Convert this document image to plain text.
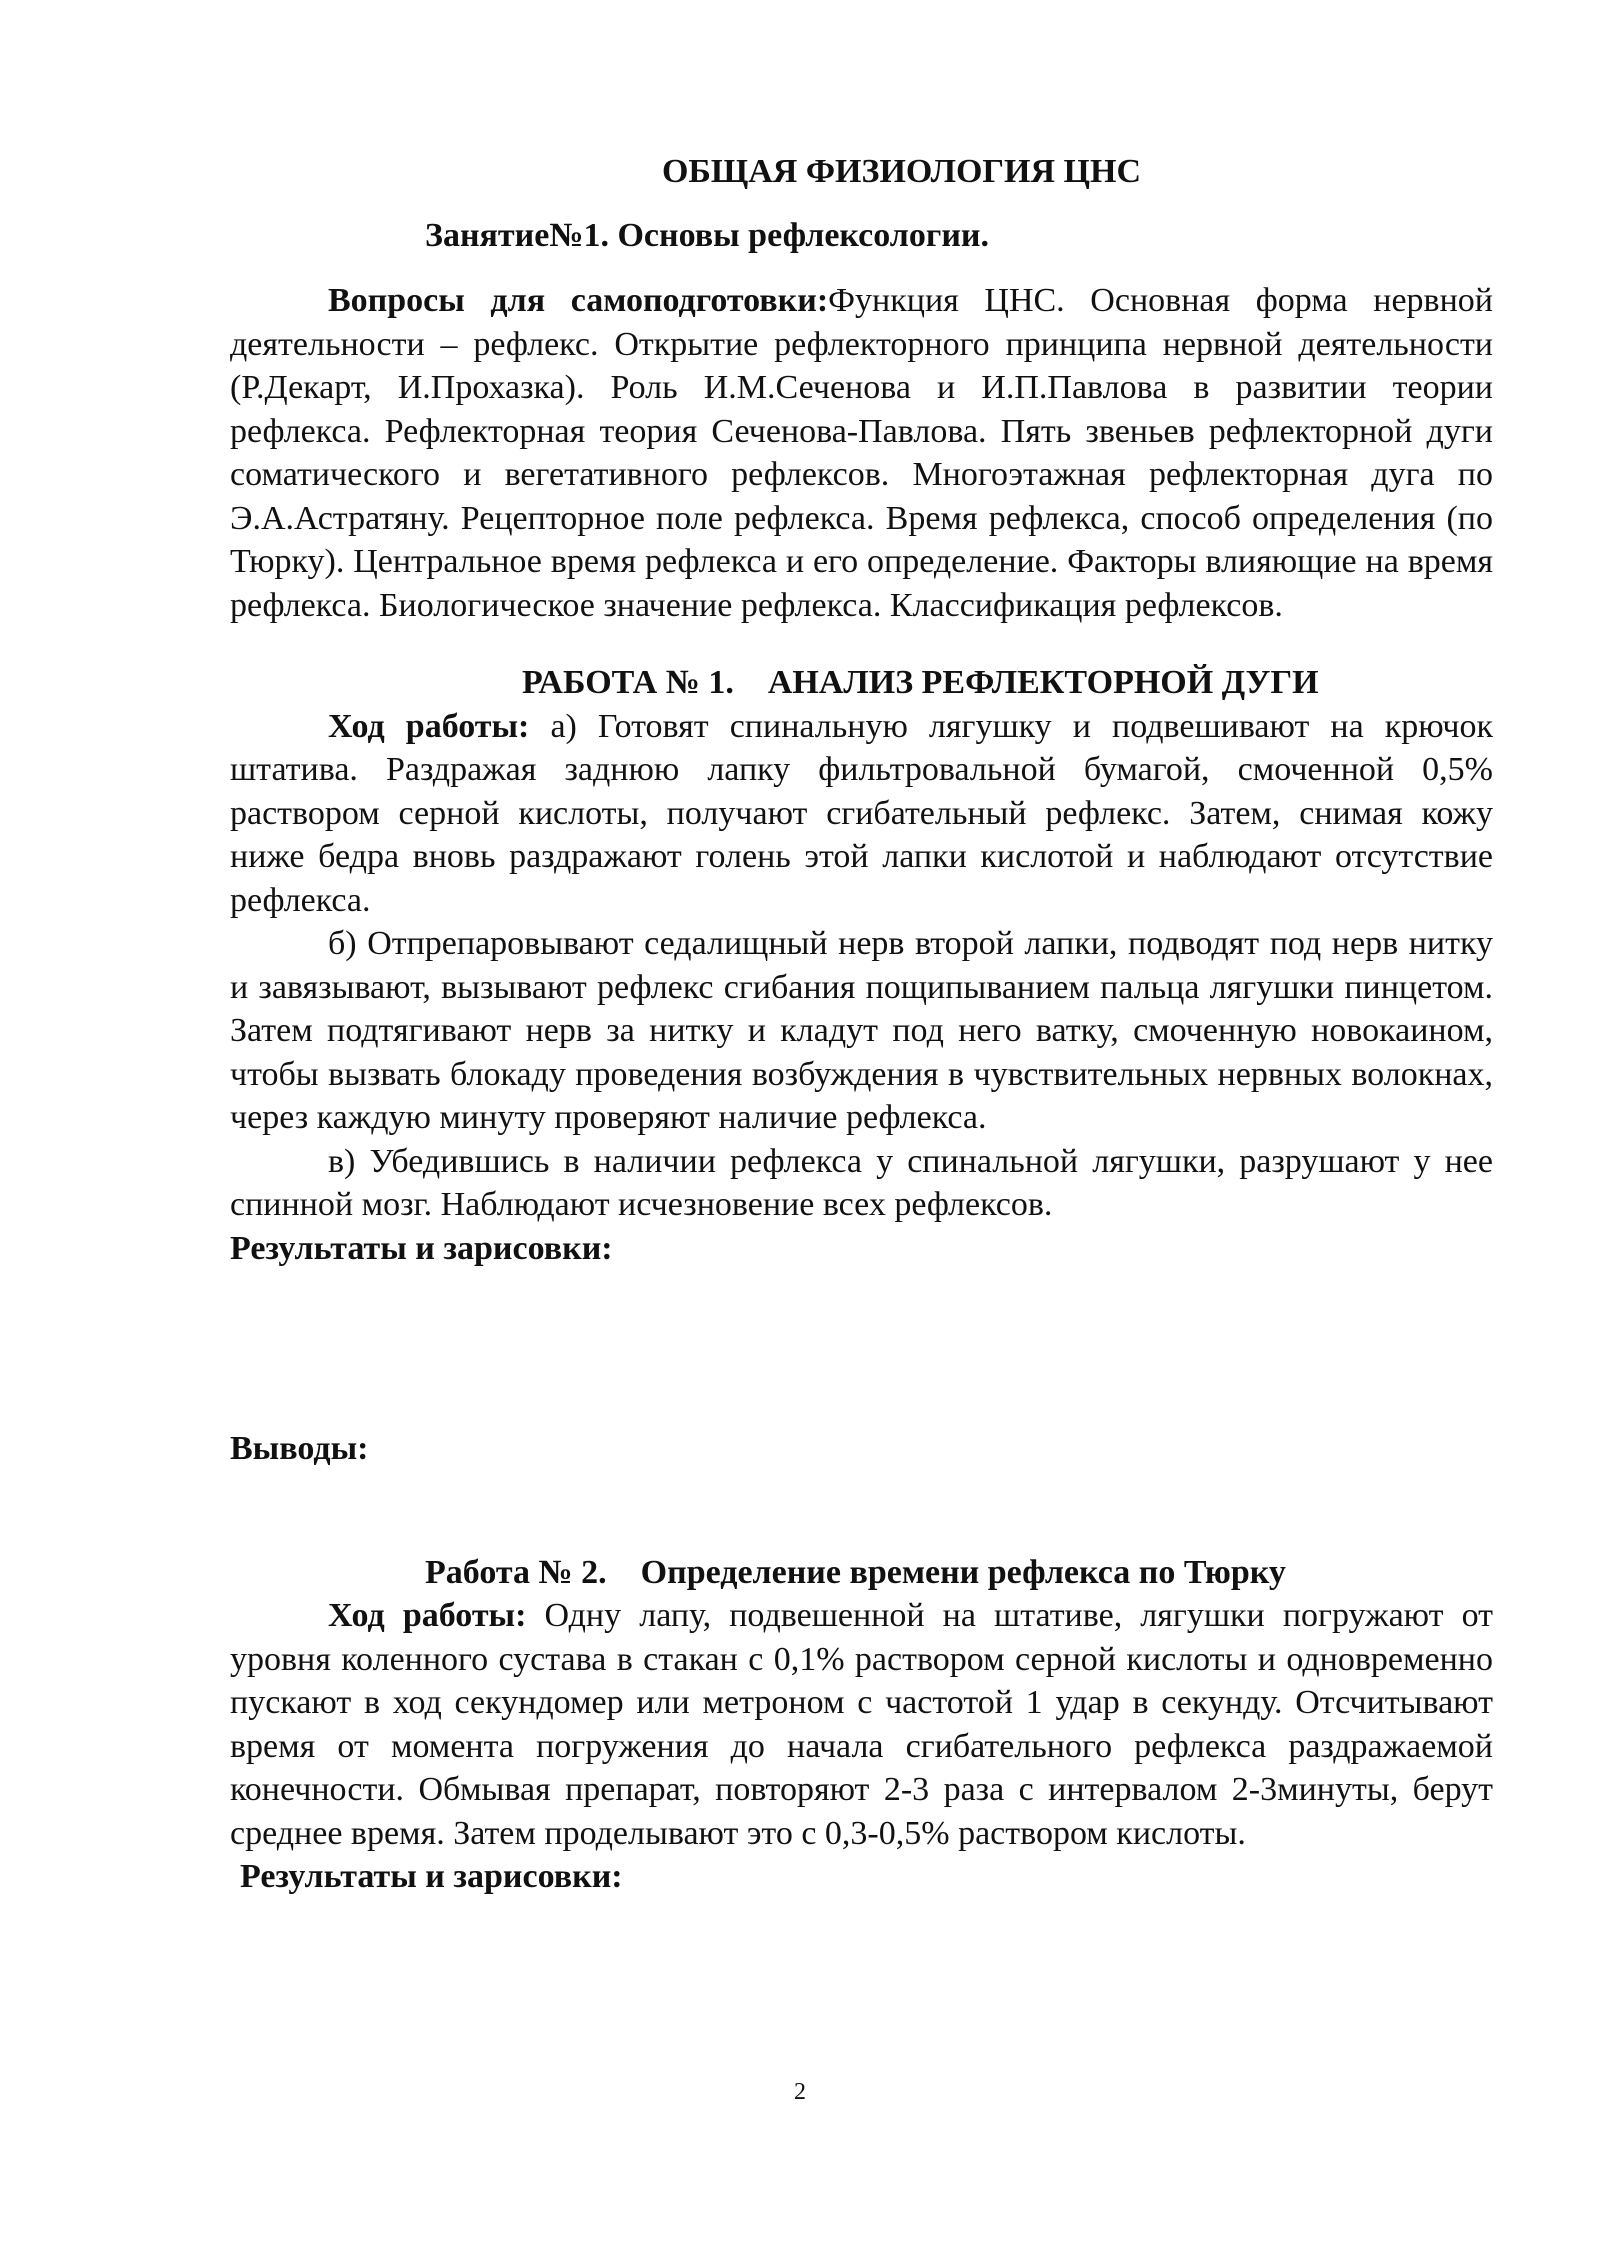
ОБЩАЯ ФИЗИОЛОГИЯ ЦНС
Занятие№1. Основы рефлексологии.

Вопросы для самоподготовки:Функция ЦНС. Основная форма нервной деятельности – рефлекс. Открытие рефлекторного принципа нервной деятельности (Р.Декарт, И.Прохазка). Роль И.М.Сеченова и И.П.Павлова в развитии теории рефлекса. Рефлекторная теория Сеченова-Павлова. Пять звеньев рефлекторной дуги соматического и вегетативного рефлексов. Многоэтажная рефлекторная дуга по Э.А.Астратяну. Рецепторное поле рефлекса. Время рефлекса, способ определения (по Тюрку). Центральное время рефлекса и его определение. Факторы влияющие на время рефлекса. Биологическое значение рефлекса. Классификация рефлексов.

РАБОТА № 1.    АНАЛИЗ РЕФЛЕКТОРНОЙ ДУГИ

Ход работы: а) Готовят спинальную лягушку и подвешивают на крючок штатива. Раздражая заднюю лапку фильтровальной бумагой, смоченной 0,5% раствором серной кислоты, получают сгибательный рефлекс. Затем, снимая кожу ниже бедра вновь раздражают голень этой лапки кислотой и наблюдают отсутствие рефлекса.

б) Отпрепаровывают седалищный нерв второй лапки, подводят под нерв нитку и завязывают, вызывают рефлекс сгибания пощипыванием пальца лягушки пинцетом. Затем подтягивают нерв за нитку и кладут под него ватку, смоченную новокаином, чтобы вызвать блокаду проведения возбуждения в чувствительных нервных волокнах, через каждую минуту проверяют наличие рефлекса.

в) Убедившись в наличии рефлекса у спинальной лягушки, разрушают у нее спинной мозг. Наблюдают исчезновение всех рефлексов.

Результаты и зарисовки:
Выводы:
Работа № 2.    Определение времени рефлекса по Тюрку

Ход работы: Одну лапу, подвешенной на штативе, лягушки погружают от уровня коленного сустава в стакан с 0,1% раствором серной кислоты и одновременно пускают в ход секундомер или метроном с частотой 1 удар в секунду. Отсчитывают время от момента погружения до начала сгибательного рефлекса раздражаемой конечности. Обмывая препарат, повторяют 2-3 раза с интервалом 2-3минуты, берут среднее время. Затем проделывают это с 0,3-0,5% раствором кислоты.

Результаты и зарисовки:
2
